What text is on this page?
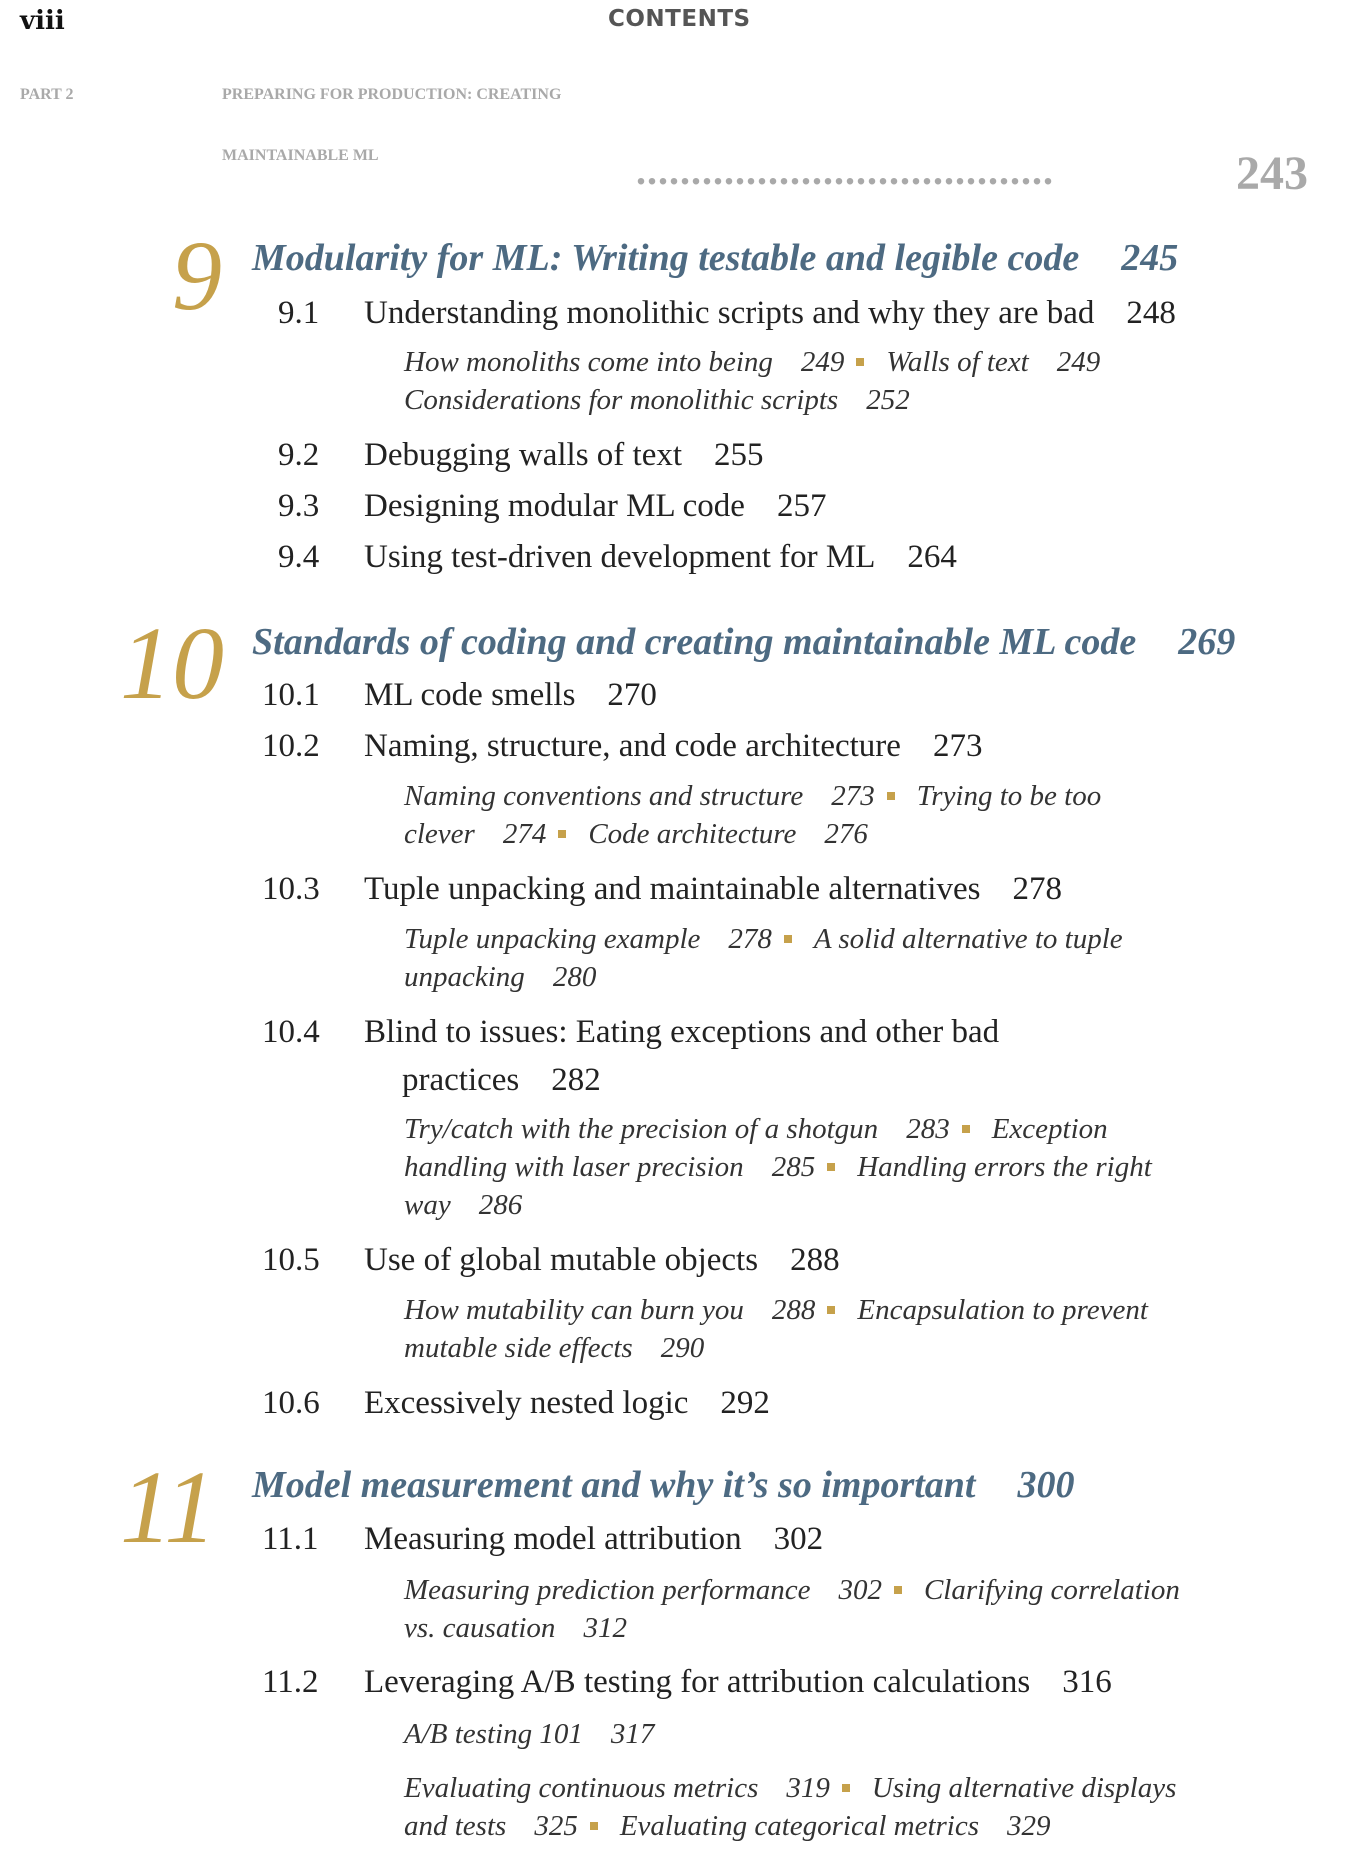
viii	CONTENTS
PART 2	PREPARING FOR PRODUCTION: CREATING
MAINTAINABLE ML	......................................	243
9 Modularity for ML: Writing testable and legible code 245
9.1 Understanding monolithic scripts and why they are bad 248
How monoliths come into being 249 Walls of text 249
Considerations for monolithic scripts 252
9.2 Debugging walls of text 255
9.3 Designing modular ML code 257
9.4 Using test-driven development for ML 264
10 Standards of coding and creating maintainable ML code 269
10.1 ML code smells 270
10.2 Naming, structure, and code architecture 273
Naming conventions and structure 273 Trying to be too
clever 274 Code architecture 276
10.3 Tuple unpacking and maintainable alternatives 278
Tuple unpacking example 278 A solid alternative to tuple
unpacking 280
10.4 Blind to issues: Eating exceptions and other bad
practices 282
Try/catch with the precision of a shotgun 283 Exception
handling with laser precision 285 Handling errors the right
way 286
10.5 Use of global mutable objects 288
How mutability can burn you 288 Encapsulation to prevent
mutable side effects 290
10.6 Excessively nested logic 292
11 Model measurement and why it’s so important 300
11.1 Measuring model attribution 302
Measuring prediction performance 302 Clarifying correlation
vs. causation 312
11.2 Leveraging A/B testing for attribution calculations 316
A/B testing 101 317
Evaluating continuous metrics 319 Using alternative displays
and tests 325 Evaluating categorical metrics 329
